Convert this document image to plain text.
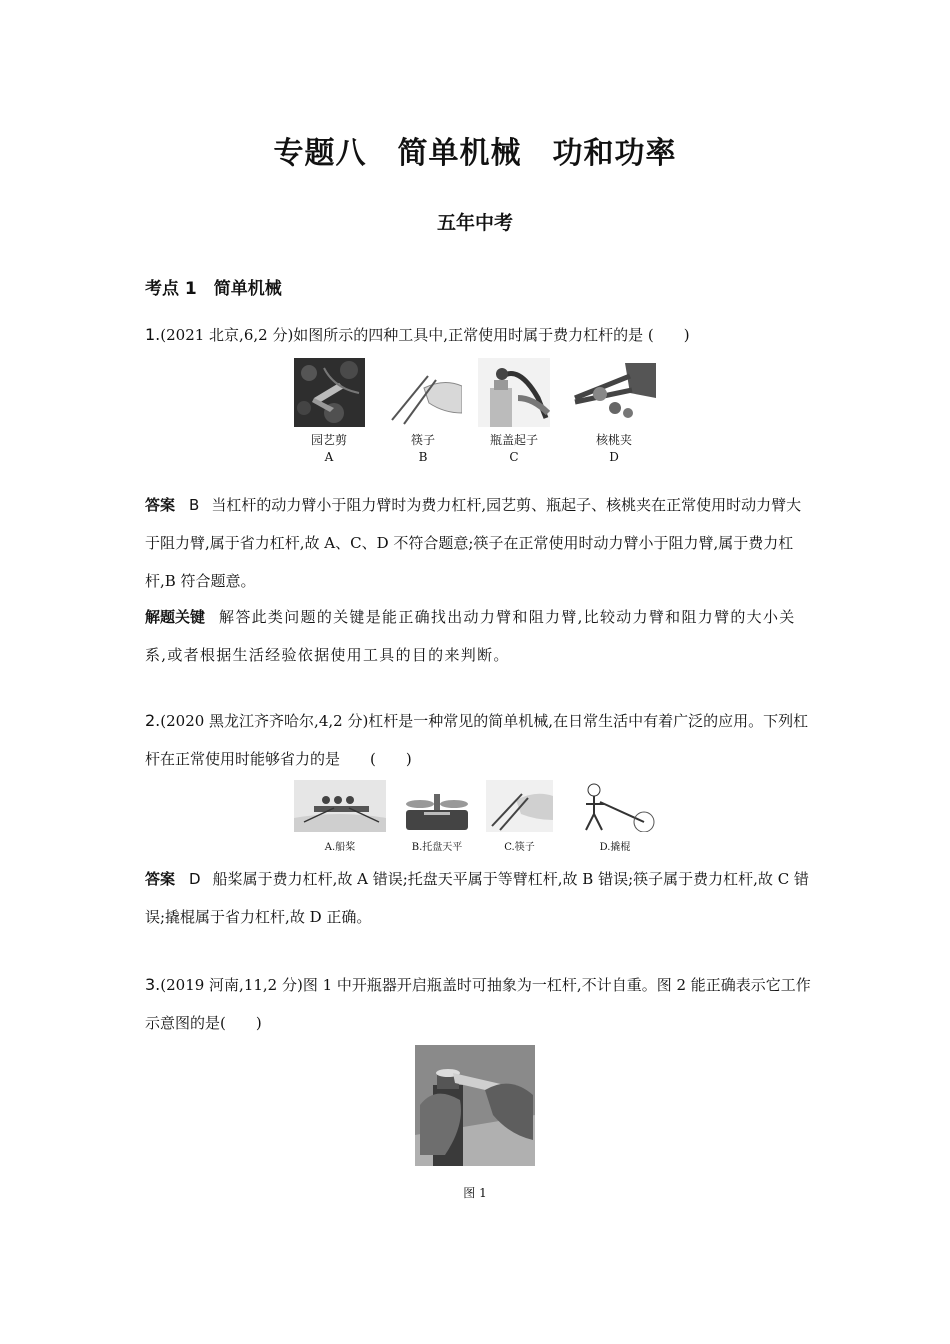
专题八　简单机械　功和功率
五年中考
考点 1　简单机械
1.(2021 北京,6,2 分)如图所示的四种工具中,正常使用时属于费力杠杆的是 (　　)
园艺剪
A
筷子
B
瓶盖起子
C
核桃夹
D
答案 B 当杠杆的动力臂小于阻力臂时为费力杠杆,园艺剪、瓶起子、核桃夹在正常使用时动力臂大于阻力臂,属于省力杠杆,故 A、C、D 不符合题意;筷子在正常使用时动力臂小于阻力臂,属于费力杠杆,B 符合题意。
解题关键 解答此类问题的关键是能正确找出动力臂和阻力臂,比较动力臂和阻力臂的大小关系,或者根据生活经验依据使用工具的目的来判断。
2.(2020 黑龙江齐齐哈尔,4,2 分)杠杆是一种常见的简单机械,在日常生活中有着广泛的应用。下列杠杆在正常使用时能够省力的是　　(　　)
A.船桨	B.托盘天平	C.筷子	D.撬棍
答案 D 船桨属于费力杠杆,故 A 错误;托盘天平属于等臂杠杆,故 B 错误;筷子属于费力杠杆,故 C 错误;撬棍属于省力杠杆,故 D 正确。
3.(2019 河南,11,2 分)图 1 中开瓶器开启瓶盖时可抽象为一杠杆,不计自重。图 2 能正确表示它工作示意图的是(　　)
图 1
